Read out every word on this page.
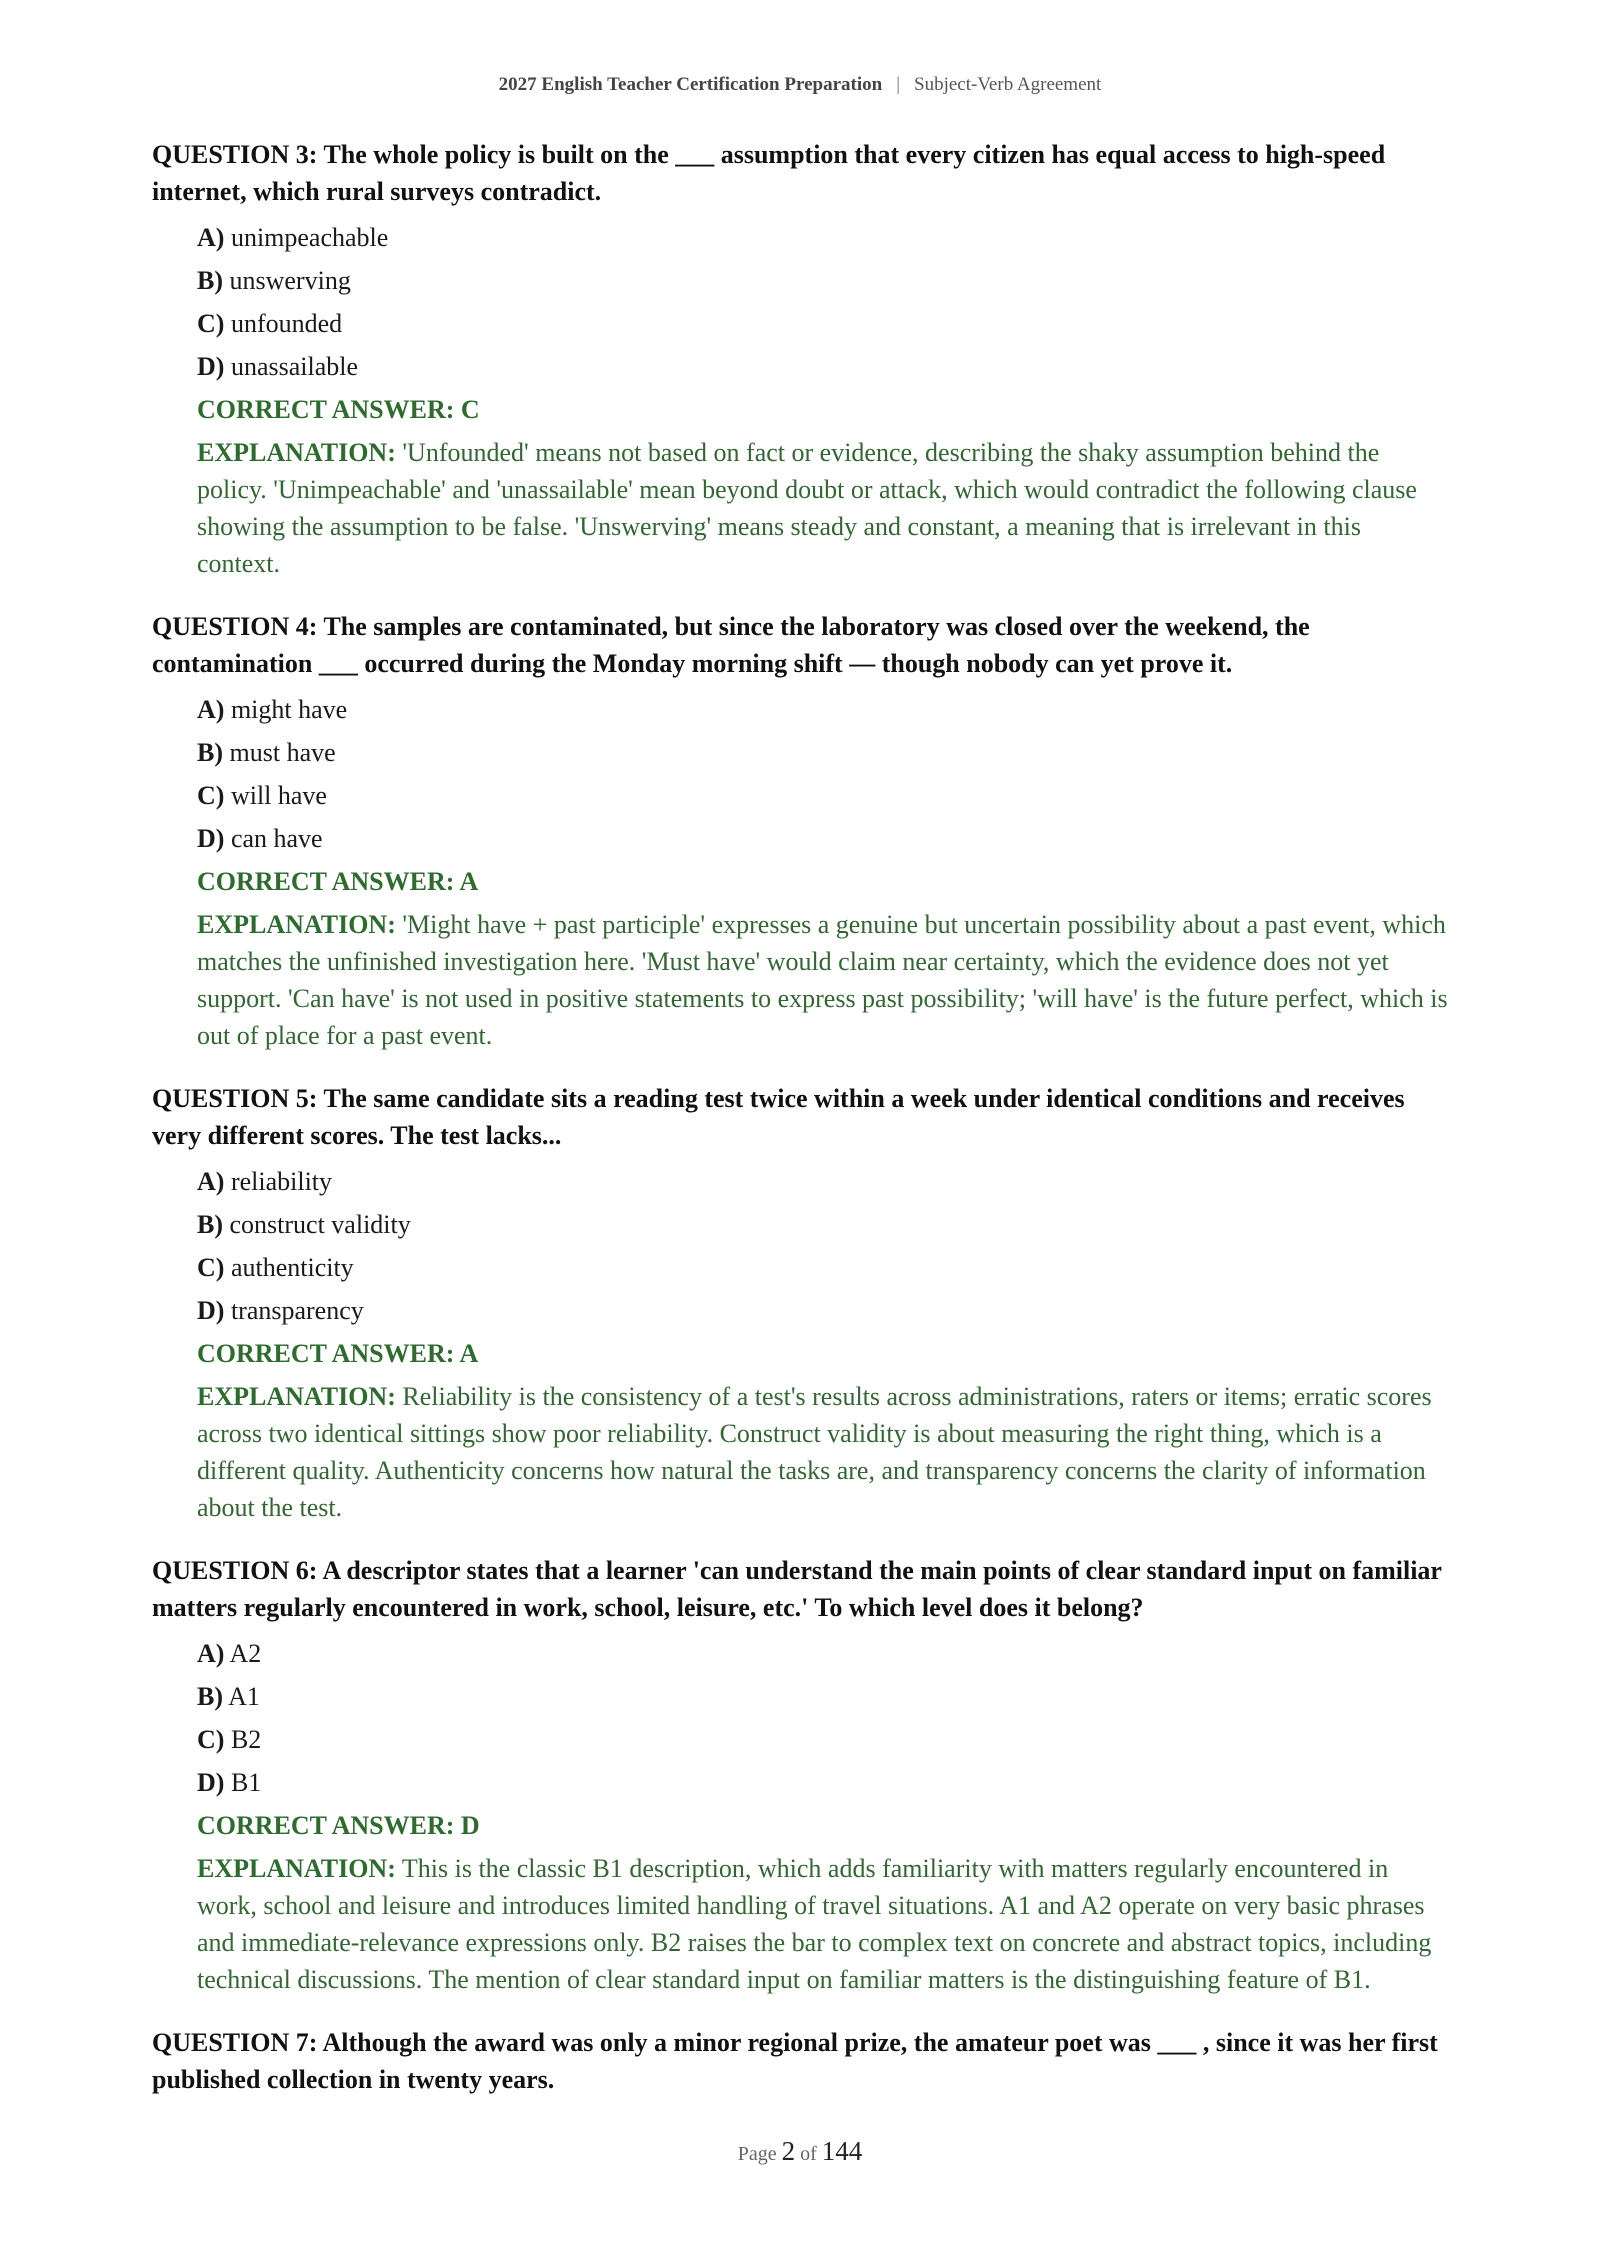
2027 English Teacher Certification Preparation | Subject-Verb Agreement
QUESTION 3: The whole policy is built on the ___ assumption that every citizen has equal access to high-speed internet, which rural surveys contradict.
A) unimpeachable
B) unswerving
C) unfounded
D) unassailable
CORRECT ANSWER: C
EXPLANATION: 'Unfounded' means not based on fact or evidence, describing the shaky assumption behind the policy. 'Unimpeachable' and 'unassailable' mean beyond doubt or attack, which would contradict the following clause showing the assumption to be false. 'Unswerving' means steady and constant, a meaning that is irrelevant in this context.
QUESTION 4: The samples are contaminated, but since the laboratory was closed over the weekend, the contamination ___ occurred during the Monday morning shift — though nobody can yet prove it.
A) might have
B) must have
C) will have
D) can have
CORRECT ANSWER: A
EXPLANATION: 'Might have + past participle' expresses a genuine but uncertain possibility about a past event, which matches the unfinished investigation here. 'Must have' would claim near certainty, which the evidence does not yet support. 'Can have' is not used in positive statements to express past possibility; 'will have' is the future perfect, which is out of place for a past event.
QUESTION 5: The same candidate sits a reading test twice within a week under identical conditions and receives very different scores. The test lacks...
A) reliability
B) construct validity
C) authenticity
D) transparency
CORRECT ANSWER: A
EXPLANATION: Reliability is the consistency of a test's results across administrations, raters or items; erratic scores across two identical sittings show poor reliability. Construct validity is about measuring the right thing, which is a different quality. Authenticity concerns how natural the tasks are, and transparency concerns the clarity of information about the test.
QUESTION 6: A descriptor states that a learner 'can understand the main points of clear standard input on familiar matters regularly encountered in work, school, leisure, etc.' To which level does it belong?
A) A2
B) A1
C) B2
D) B1
CORRECT ANSWER: D
EXPLANATION: This is the classic B1 description, which adds familiarity with matters regularly encountered in work, school and leisure and introduces limited handling of travel situations. A1 and A2 operate on very basic phrases and immediate-relevance expressions only. B2 raises the bar to complex text on concrete and abstract topics, including technical discussions. The mention of clear standard input on familiar matters is the distinguishing feature of B1.
QUESTION 7: Although the award was only a minor regional prize, the amateur poet was ___ , since it was her first published collection in twenty years.
Page 2 of 144
